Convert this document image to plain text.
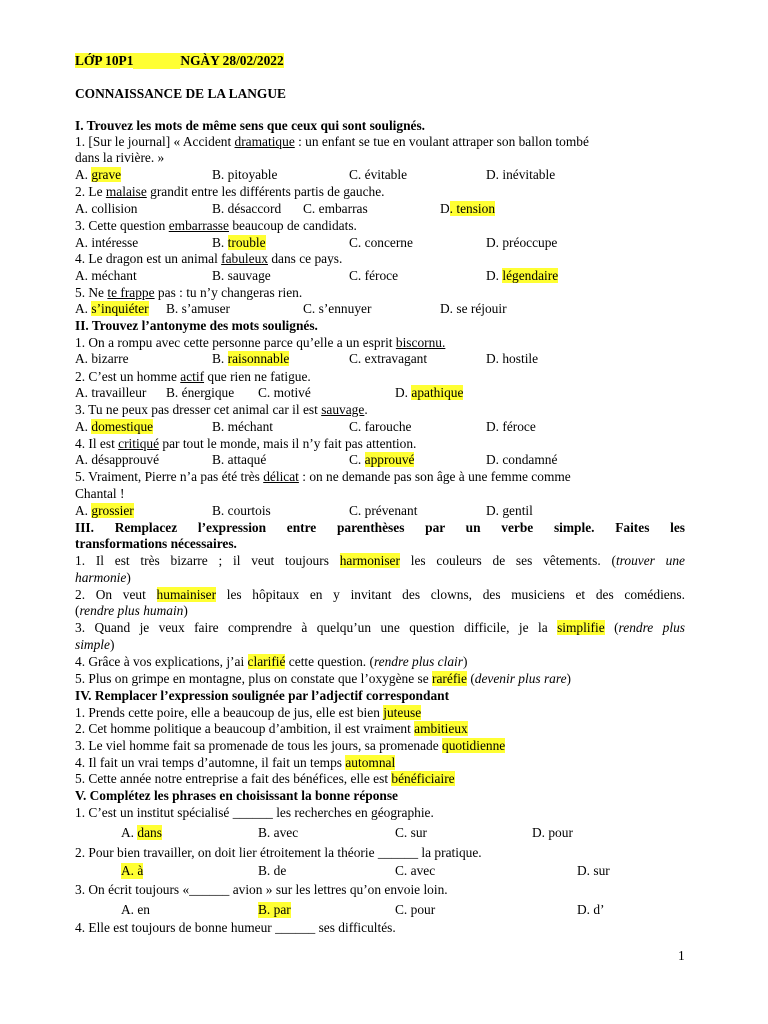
LỚP 10P1	NGÀY 28/02/2022
CONNAISSANCE DE LA LANGUE
I. Trouvez les mots de même sens que ceux qui sont soulignés.
1. [Sur le journal] « Accident dramatique : un enfant se tue en voulant attraper son ballon tombé
dans la rivière. »
A. grave	B. pitoyable	C. évitable	D. inévitable
2. Le malaise grandit entre les différents partis de gauche.
A. collision	B. désaccord C. embarras	D. tension
3. Cette question embarrasse beaucoup de candidats.
A. intéresse	B. trouble	C. concerne	D. préoccupe
4. Le dragon est un animal fabuleux dans ce pays.
A. méchant	B. sauvage	C. féroce	D. légendaire
5. Ne te frappe pas : tu n’y changeras rien.
A. s’inquiéter B. s’amuser	C. s’ennuyer	D. se réjouir
II. Trouvez l’antonyme des mots soulignés.
1. On a rompu avec cette personne parce qu’elle a un esprit biscornu.
A. bizarre	B. raisonnable	C. extravagant	D. hostile
2. C’est un homme actif que rien ne fatigue.
A. travailleur B. énergique C. motivé	D. apathique
3. Tu ne peux pas dresser cet animal car il est sauvage.
A. domestique	B. méchant	C. farouche	D. féroce
4. Il est critiqué par tout le monde, mais il n’y fait pas attention.
A. désapprouvé	B. attaqué	C. approuvé	D. condamné
5. Vraiment, Pierre n’a pas été très délicat : on ne demande pas son âge à une femme comme
Chantal !
A. grossier	B. courtois	C. prévenant	D. gentil
III. Remplacez l’expression entre parenthèses par un verbe simple. Faites les
transformations nécessaires.
1. Il est très bizarre ; il veut toujours harmoniser les couleurs de ses vêtements. (trouver une
harmonie)
2. On veut humainiser les hôpitaux en y invitant des clowns, des musiciens et des comédiens.
(rendre plus humain)
3. Quand je veux faire comprendre à quelqu’un une question difficile, je la simplifie (rendre plus
simple)
4. Grâce à vos explications, j’ai clarifié cette question. (rendre plus clair)
5. Plus on grimpe en montagne, plus on constate que l’oxygène se raréfie (devenir plus rare)
IV. Remplacer l’expression soulignée par l’adjectif correspondant
1. Prends cette poire, elle a beaucoup de jus, elle est bien juteuse
2. Cet homme politique a beaucoup d’ambition, il est vraiment ambitieux
3. Le viel homme fait sa promenade de tous les jours, sa promenade quotidienne
4. Il fait un vrai temps d’automne, il fait un temps automnal
5. Cette année notre entreprise a fait des bénéfices, elle est bénéficiaire
V. Complétez les phrases en choisissant la bonne réponse
1. C’est un institut spécialisé ______ les recherches en géographie.
A. dans	B. avec	C. sur	D. pour
2. Pour bien travailler, on doit lier étroitement la théorie ______ la pratique.
A. à	B. de	C. avec	D. sur
3. On écrit toujours «______ avion » sur les lettres qu’on envoie loin.
A. en	B. par	C. pour	D. d’
4. Elle est toujours de bonne humeur ______ ses difficultés.
1
